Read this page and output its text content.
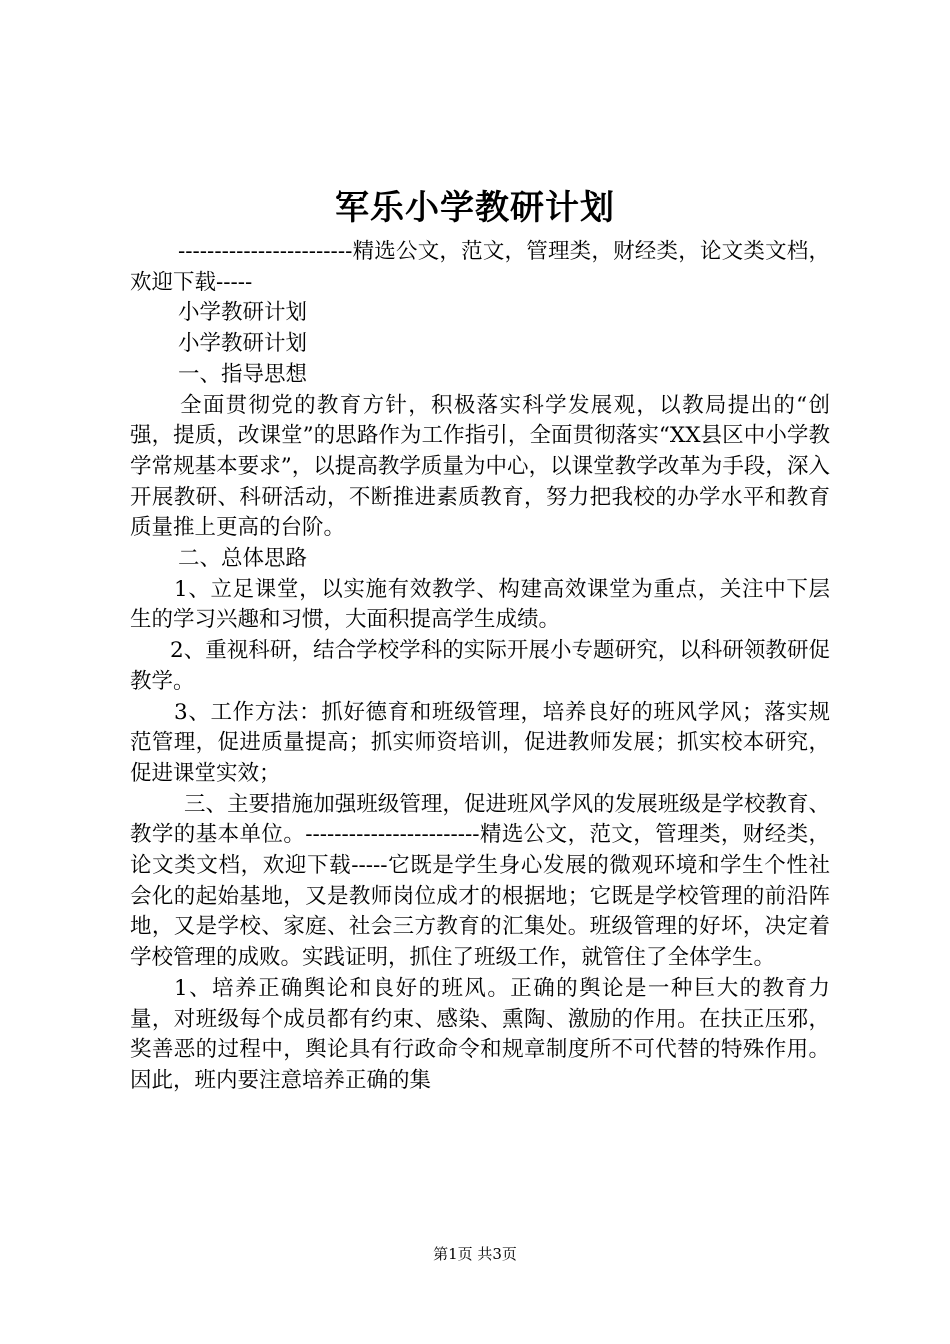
军乐小学教研计划

------------------------精选公文，范文，管理类，财经类，论文类文档，欢迎下载-----

小学教研计划

小学教研计划

一、指导思想

全面贯彻党的教育方针，积极落实科学发展观，以教局提出的“创强，提质，改课堂”的思路作为工作指引，全面贯彻落实“XX县区中小学教学常规基本要求”，以提高教学质量为中心，以课堂教学改革为手段，深入开展教研、科研活动，不断推进素质教育，努力把我校的办学水平和教育质量推上更高的台阶。

二、总体思路

1、立足课堂，以实施有效教学、构建高效课堂为重点，关注中下层生的学习兴趣和习惯，大面积提高学生成绩。

2、重视科研，结合学校学科的实际开展小专题研究，以科研领教研促教学。

3、工作方法：抓好德育和班级管理，培养良好的班风学风；落实规范管理，促进质量提高；抓实师资培训，促进教师发展；抓实校本研究，促进课堂实效；

三、主要措施加强班级管理，促进班风学风的发展班级是学校教育、教学的基本单位。------------------------精选公文，范文，管理类，财经类，论文类文档，欢迎下载-----它既是学生身心发展的微观环境和学生个性社会化的起始基地，又是教师岗位成才的根据地；它既是学校管理的前沿阵地，又是学校、家庭、社会三方教育的汇集处。班级管理的好坏，决定着学校管理的成败。实践证明，抓住了班级工作，就管住了全体学生。

1、培养正确舆论和良好的班风。正确的舆论是一种巨大的教育力量，对班级每个成员都有约束、感染、熏陶、激励的作用。在扶正压邪，奖善恶的过程中，舆论具有行政命令和规章制度所不可代替的特殊作用。因此，班内要注意培养正确的集

第1页 共3页
